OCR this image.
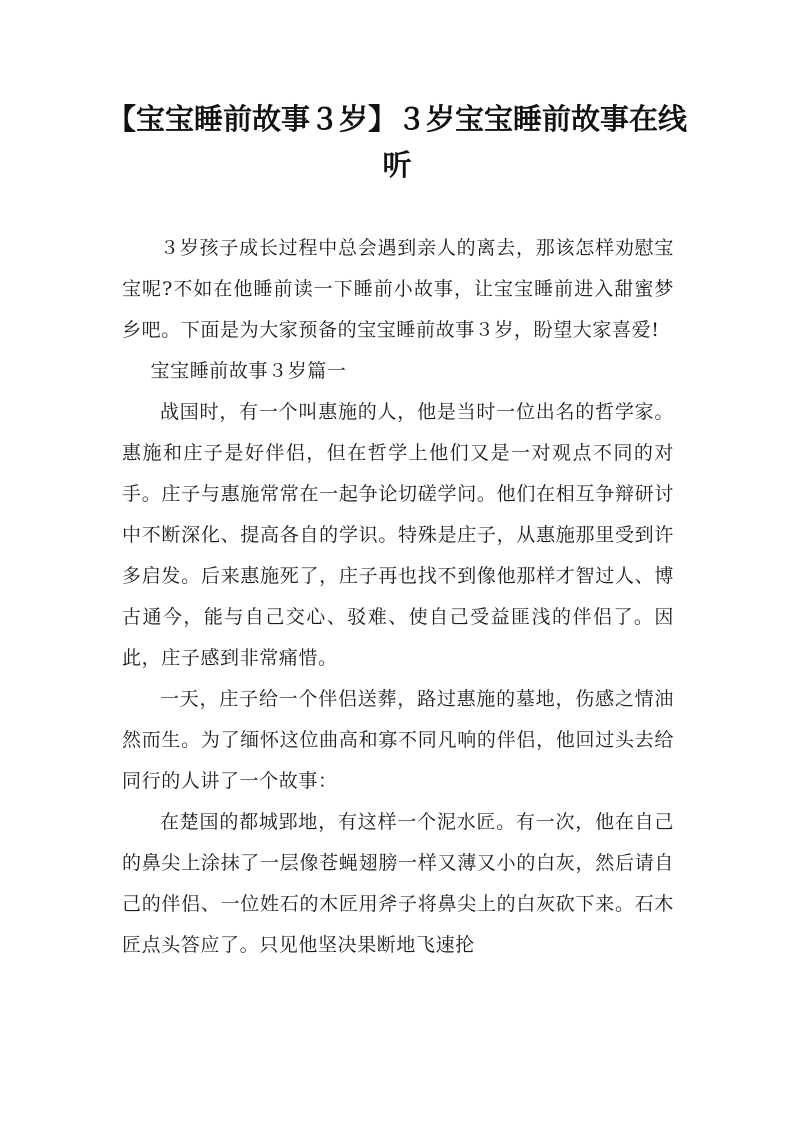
【宝宝睡前故事３岁】３岁宝宝睡前故事在线听

３岁孩子成长过程中总会遇到亲人的离去，那该怎样劝慰宝宝呢?不如在他睡前读一下睡前小故事，让宝宝睡前进入甜蜜梦乡吧。下面是为大家预备的宝宝睡前故事３岁，盼望大家喜爱!

宝宝睡前故事３岁篇一

战国时，有一个叫惠施的人，他是当时一位出名的哲学家。惠施和庄子是好伴侣，但在哲学上他们又是一对观点不同的对手。庄子与惠施常常在一起争论切磋学问。他们在相互争辩研讨中不断深化、提高各自的学识。特殊是庄子，从惠施那里受到许多启发。后来惠施死了，庄子再也找不到像他那样才智过人、博古通今，能与自己交心、驳难、使自己受益匪浅的伴侣了。因此，庄子感到非常痛惜。

一天，庄子给一个伴侣送葬，路过惠施的墓地，伤感之情油然而生。为了缅怀这位曲高和寡不同凡响的伴侣，他回过头去给同行的人讲了一个故事：

在楚国的都城郢地，有这样一个泥水匠。有一次，他在自己的鼻尖上涂抹了一层像苍蝇翅膀一样又薄又小的白灰，然后请自己的伴侣、一位姓石的木匠用斧子将鼻尖上的白灰砍下来。石木匠点头答应了。只见他坚决果断地飞速抡
